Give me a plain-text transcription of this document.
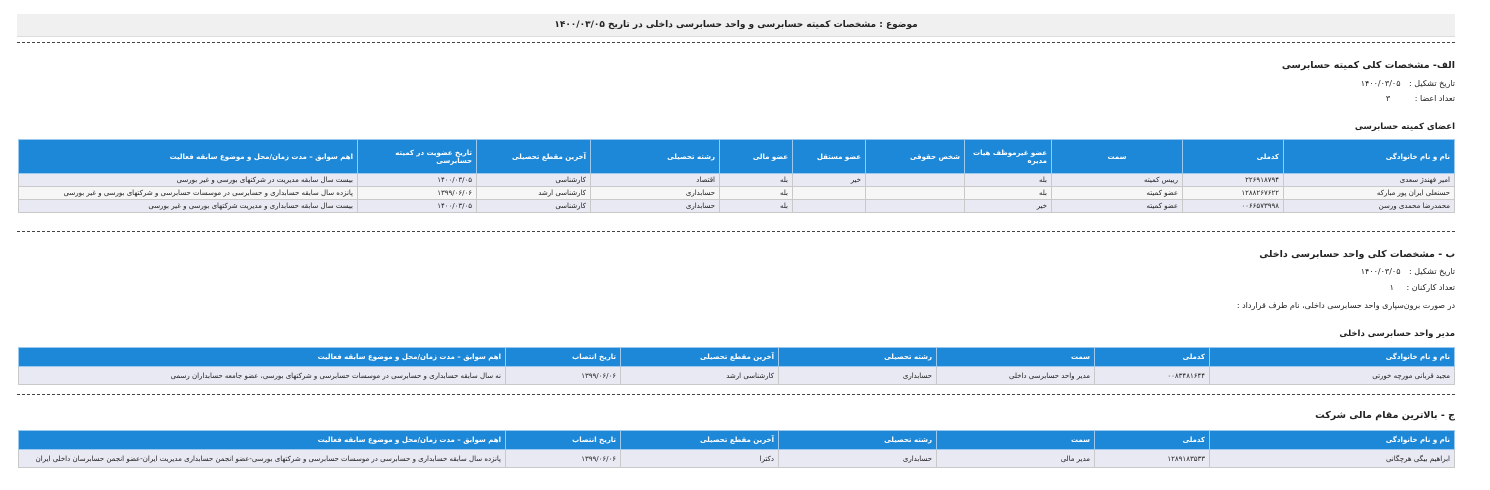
موضوع : مشخصات کمیته حسابرسی و واحد حسابرسی داخلی در تاریخ ۱۴۰۰/۰۳/۰۵
الف- مشخصات کلی کمیته حسابرسی
تاریخ تشکیل : ۱۴۰۰/۰۳/۰۵
تعداد اعضا : ۳
اعضای کمیته حسابرسی
نام و نام خانوادگی	کدملی	سمت	عضو غیرموظف هیات مدیره	شخص حقوقی	عضو مستقل	عضو مالی	رشته تحصیلی	آخرین مقطع تحصیلی	تاریخ عضویت در کمیته حسابرسی	اهم سوابق – مدت زمان/محل و موضوع سابقه فعالیت
امیر فهندژ سعدی	۲۲۶۹۱۸۷۹۴	رییس کمیته	بله		خیر	بله	اقتصاد	کارشناسی	۱۴۰۰/۰۳/۰۵	بیست سال سابقه مدیریت در شرکتهای بورسی و غیر بورسی
حسنعلی ایران پور مبارکه	۱۲۸۸۲۶۷۶۲۲	عضو کمیته	بله			بله	حسابداری	کارشناسی ارشد	۱۳۹۹/۰۶/۰۶	پانزده سال سابقه حسابداری و حسابرسی در موسسات حسابرسی و شرکتهای بورسی و غیر بورسی
محمدرضا محمدی ورسن	۰۰۶۶۵۷۳۹۹۸	عضو کمیته	خیر			بله	حسابداری	کارشناسی	۱۴۰۰/۰۳/۰۵	بیست سال سابقه حسابداری و مدیریت شرکتهای بورسی و غیر بورسی
ب - مشخصات کلی واحد حسابرسی داخلی
تاریخ تشکیل : ۱۴۰۰/۰۳/۰۵
تعداد کارکنان : ۱
در صورت برون‌سپاری واحد حسابرسی داخلی، نام طرف قرارداد :
مدیر واحد حسابرسی داخلی
نام و نام خانوادگی	کدملی	سمت	رشته تحصیلی	آخرین مقطع تحصیلی	تاریخ انتصاب	اهم سوابق – مدت زمان/محل و موضوع سابقه فعالیت
مجید قربانی مورچه خورتی	۰۰۸۳۴۸۱۶۴۴	مدیر واحد حسابرسی داخلی	حسابداری	کارشناسی ارشد	۱۳۹۹/۰۶/۰۶	نه سال سابقه حسابداری و حسابرسی در موسسات حسابرسی و شرکتهای بورسی، عضو جامعه حسابداران رسمی
ج - بالاترین مقام مالی شرکت
نام و نام خانوادگی	کدملی	سمت	رشته تحصیلی	آخرین مقطع تحصیلی	تاریخ انتصاب	اهم سوابق – مدت زمان/محل و موضوع سابقه فعالیت
ابراهیم بیگی هرچگانی	۱۲۸۹۱۸۳۵۳۳	مدیر مالی	حسابداری	دکترا	۱۳۹۹/۰۶/۰۶	پانزده سال سابقه حسابداری و حسابرسی در موسسات حسابرسی و شرکتهای بورسی-عضو انجمن حسابداری مدیریت ایران-عضو انجمن حسابرسان داخلی ایران
